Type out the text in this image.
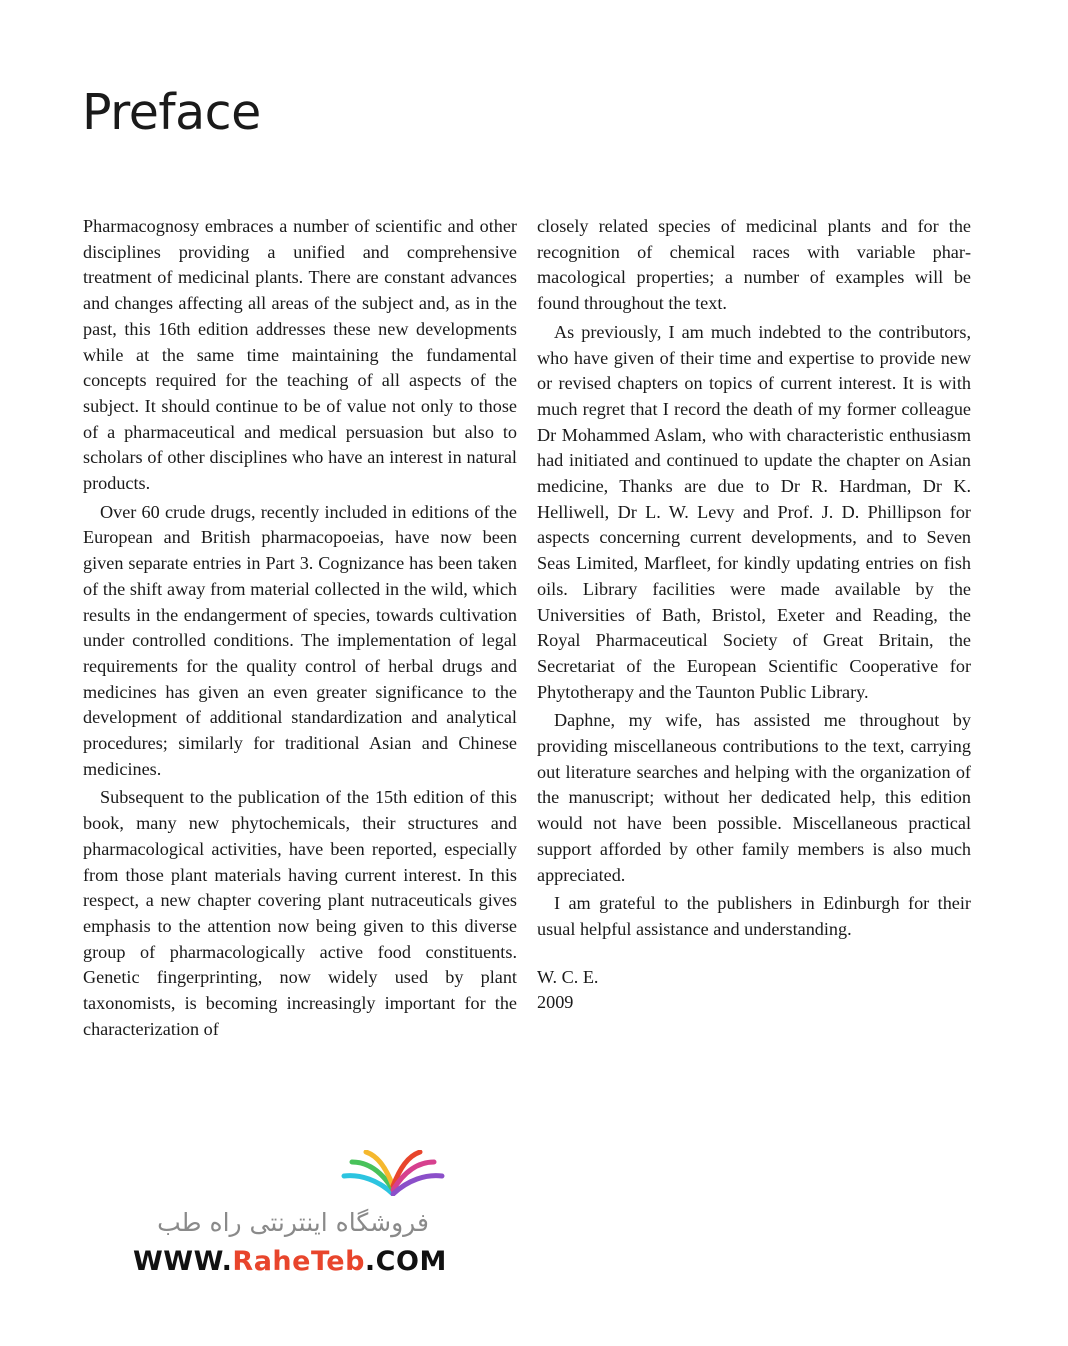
Preface

Pharmacognosy embraces a number of scientific and other disciplines providing a unified and comprehensive treatment of medicinal plants. There are constant advances and changes affecting all areas of the subject and, as in the past, this 16th edition addresses these new developments while at the same time maintaining the fundamental concepts required for the teaching of all aspects of the subject. It should continue to be of value not only to those of a pharmaceutical and medical persuasion but also to scholars of other disciplines who have an interest in natural products.

Over 60 crude drugs, recently included in editions of the European and British pharmacopoeias, have now been given separate entries in Part 3. Cognizance has been taken of the shift away from material collected in the wild, which results in the endangerment of species, towards cultivation under controlled conditions. The implementation of legal requirements for the quality control of herbal drugs and medicines has given an even greater significance to the development of additional standardization and analytical procedures; similarly for traditional Asian and Chinese medicines.

Subsequent to the publication of the 15th edition of this book, many new phytochemicals, their structures and pharmacological activities, have been reported, especially from those plant materials having current interest. In this respect, a new chapter covering plant nutraceuticals gives emphasis to the attention now being given to this diverse group of pharmacologically active food constituents. Genetic fingerprinting, now widely used by plant taxonomists, is becoming increasingly important for the characterization of

closely related species of medicinal plants and for the recognition of chemical races with variable pharmacological properties; a number of examples will be found throughout the text.

As previously, I am much indebted to the contributors, who have given of their time and expertise to provide new or revised chapters on topics of current interest. It is with much regret that I record the death of my former colleague Dr Mohammed Aslam, who with characteristic enthusiasm had initiated and continued to update the chapter on Asian medicine, Thanks are due to Dr R. Hardman, Dr K. Helliwell, Dr L. W. Levy and Prof. J. D. Phillipson for aspects concerning current developments, and to Seven Seas Limited, Marfleet, for kindly updating entries on fish oils. Library facilities were made available by the Universities of Bath, Bristol, Exeter and Reading, the Royal Pharmaceutical Society of Great Britain, the Secretariat of the European Scientific Cooperative for Phytotherapy and the Taunton Public Library.

Daphne, my wife, has assisted me throughout by providing miscellaneous contributions to the text, carrying out literature searches and helping with the organization of the manuscript; without her dedicated help, this edition would not have been possible. Miscellaneous practical support afforded by other family members is also much appreciated.

I am grateful to the publishers in Edinburgh for their usual helpful assistance and understanding.

W. C. E.
2009
فروشگاه اینترنتی راه طب
WWW.RaheTeb.COM
